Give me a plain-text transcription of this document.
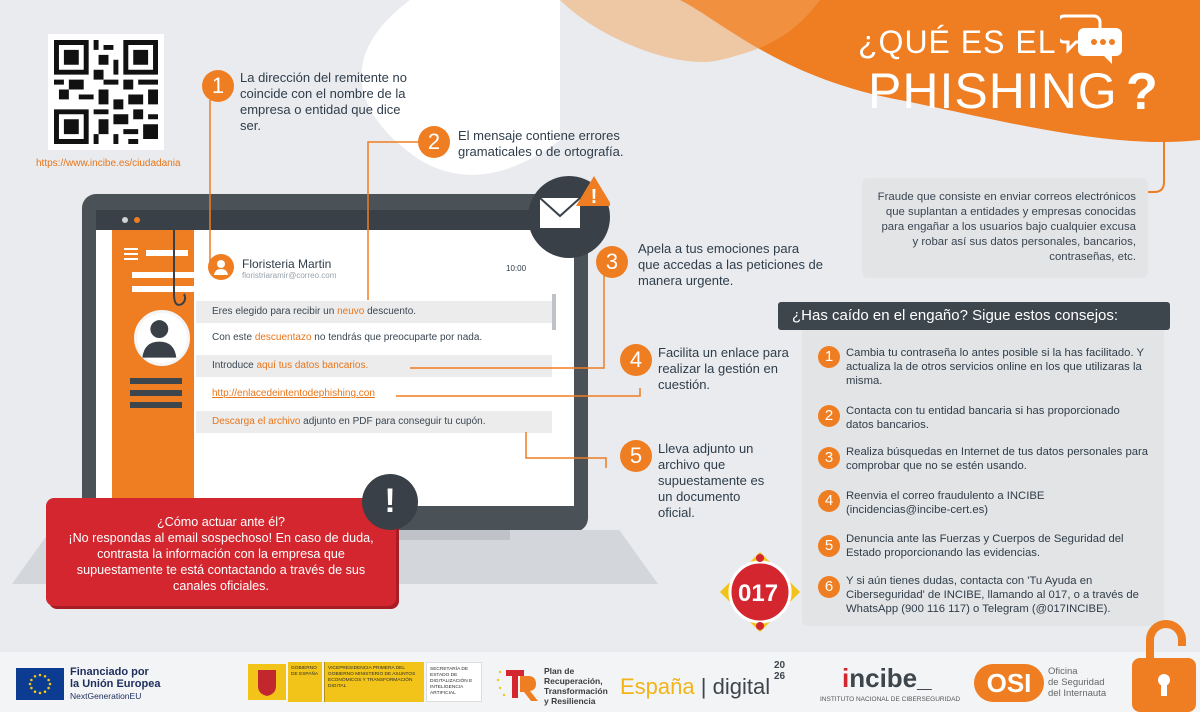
https://www.incibe.es/ciudadania
¿QUÉ ES EL
PHISHING ?
Fraude que consiste en enviar correos electrónicos que suplantan a entidades y empresas conocidas para engañar a los usuarios bajo cualquier excusa y robar así sus datos personales, bancarios, contraseñas, etc.
Floristeria Martin
floristriaramir@correo.com
10:00
Eres elegido para recibir un neuvo descuento.
Con este descuentazo no tendrás que preocuparte por nada.
Introduce aquí tus datos bancarios.
http://enlacedeintentodephishing.con
Descarga el archivo adjunto en PDF para conseguir tu cupón.
!
1	La dirección del remitente no coincide con el nombre de la empresa o entidad que dice ser.
2	El mensaje contiene errores gramaticales o de ortografía.
3
Apela a tus emociones para que accedas a las peticiones de manera urgente.
4	Facilita un enlace para realizar la gestión en cuestión.
5	Lleva adjunto un archivo que supuestamente es un documento oficial.
¿Cómo actuar ante él?
¡No respondas al email sospechoso! En caso de duda, contrasta la información con la empresa que supuestamente te está contactando a través de sus canales oficiales.
!
¿Has caído en el engaño? Sigue estos consejos:
1	Cambia tu contraseña lo antes posible si la has facilitado. Y actualiza la de otros servicios online en los que utilizaras la misma.
2	Contacta con tu entidad bancaria si has proporcionado datos bancarios.
3	Realiza búsquedas en Internet de tus datos personales para comprobar que no se estén usando.
4	Reenvia el correo fraudulento a INCIBE (incidencias@incibe-cert.es)
5	Denuncia ante las Fuerzas y Cuerpos de Seguridad del Estado proporcionando las evidencias.
6	Y si aún tienes dudas, contacta con 'Tu Ayuda en Ciberseguridad' de INCIBE, llamando al 017, o a través de WhatsApp (900 116 117) o Telegram (@017INCIBE).
017
Financiado por
la Unión Europea
NextGenerationEU
GOBIERNO DE ESPAÑA
VICEPRESIDENCIA PRIMERA DEL GOBIERNO MINISTERIO DE ASUNTOS ECONÓMICOS Y TRANSFORMACIÓN DIGITAL
SECRETARÍA DE ESTADO DE DIGITALIZACIÓN E INTELIGENCIA ARTIFICIAL
Plan de
Recuperación,
Transformación
y Resiliencia
España | digital
20
26 incibe_
INSTITUTO NACIONAL DE CIBERSEGURIDAD
OSI	Oficina
de Seguridad
del Internauta
